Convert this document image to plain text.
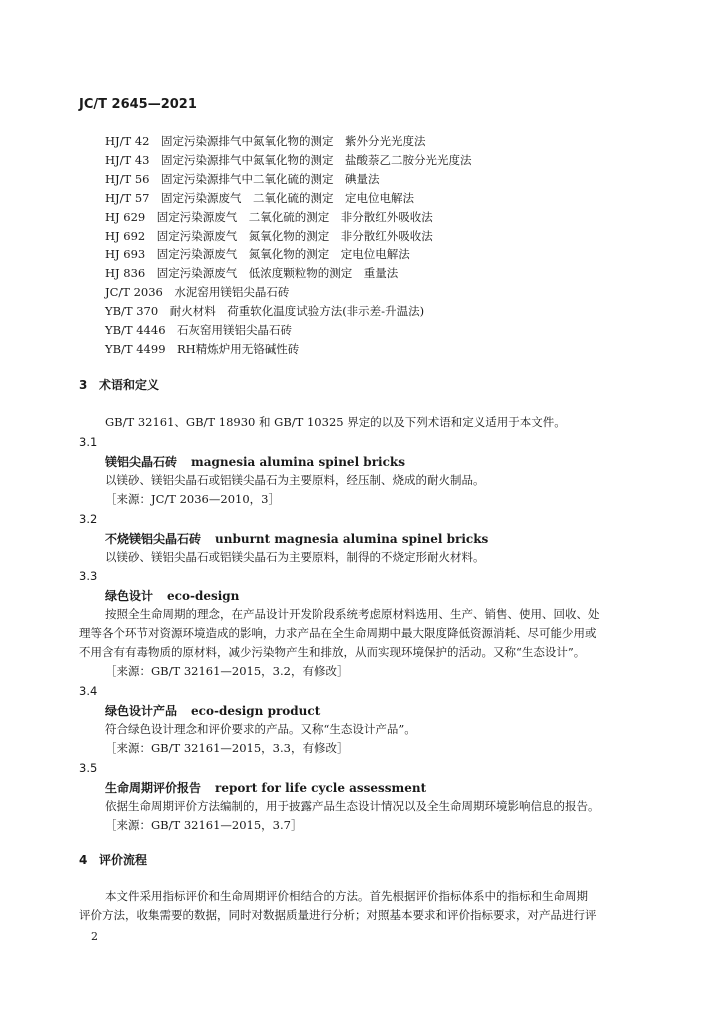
JC/T 2645—2021
HJ/T 42　固定污染源排气中氮氧化物的测定　紫外分光光度法
HJ/T 43　固定污染源排气中氮氧化物的测定　盐酸萘乙二胺分光光度法
HJ/T 56　固定污染源排气中二氧化硫的测定　碘量法
HJ/T 57　固定污染源废气　二氧化硫的测定　定电位电解法
HJ 629　固定污染源废气　二氧化硫的测定　非分散红外吸收法
HJ 692　固定污染源废气　氮氧化物的测定　非分散红外吸收法
HJ 693　固定污染源废气　氮氧化物的测定　定电位电解法
HJ 836　固定污染源废气　低浓度颗粒物的测定　重量法
JC/T 2036　水泥窑用镁铝尖晶石砖
YB/T 370　耐火材料　荷重软化温度试验方法(非示差-升温法)
YB/T 4446　石灰窑用镁铝尖晶石砖
YB/T 4499　RH精炼炉用无铬碱性砖
3 术语和定义
GB/T 32161、GB/T 18930 和 GB/T 10325 界定的以及下列术语和定义适用于本文件。
3.1
镁铝尖晶石砖 magnesia alumina spinel bricks
以镁砂、镁铝尖晶石或铝镁尖晶石为主要原料，经压制、烧成的耐火制品。
［来源：JC/T 2036—2010，3］
3.2
不烧镁铝尖晶石砖 unburnt magnesia alumina spinel bricks
以镁砂、镁铝尖晶石或铝镁尖晶石为主要原料，制得的不烧定形耐火材料。
3.3
绿色设计 eco-design
按照全生命周期的理念，在产品设计开发阶段系统考虑原材料选用、生产、销售、使用、回收、处
理等各个环节对资源环境造成的影响，力求产品在全生命周期中最大限度降低资源消耗、尽可能少用或
不用含有有毒物质的原材料，减少污染物产生和排放，从而实现环境保护的活动。又称“生态设计”。
［来源：GB/T 32161—2015，3.2，有修改］
3.4
绿色设计产品 eco-design product
符合绿色设计理念和评价要求的产品。又称“生态设计产品”。
［来源：GB/T 32161—2015，3.3，有修改］
3.5
生命周期评价报告 report for life cycle assessment
依据生命周期评价方法编制的，用于披露产品生态设计情况以及全生命周期环境影响信息的报告。
［来源：GB/T 32161—2015，3.7］
4 评价流程
本文件采用指标评价和生命周期评价相结合的方法。首先根据评价指标体系中的指标和生命周期
评价方法，收集需要的数据，同时对数据质量进行分析；对照基本要求和评价指标要求，对产品进行评
2
